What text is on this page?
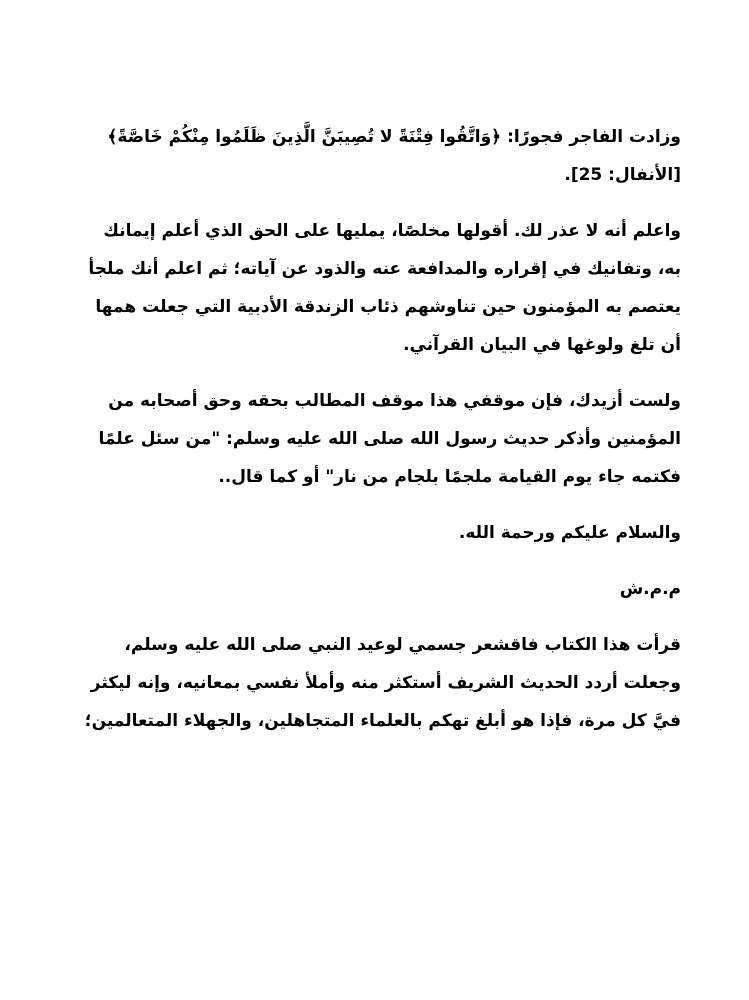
وزادت الفاجر فجورًا: ﴿وَاتَّقُوا فِتْنَةً لا تُصِيبَنَّ الَّذِينَ ظَلَمُوا مِنْكُمْ خَاصَّةً﴾
[الأنفال: 25].

واعلم أنه لا عذر لك. أقولها مخلصًا، يمليها على الحق الذي أعلم إيمانك
به، وتفانيك في إقراره والمدافعة عنه والذود عن آياته؛ ثم اعلم أنك ملجأ
يعتصم به المؤمنون حين تناوشهم ذئاب الزندقة الأدبية التي جعلت همها
أن تلغ ولوغها في البيان القرآني.

ولست أزيدك، فإن موقفي هذا موقف المطالب بحقه وحق أصحابه من
المؤمنين وأذكر حديث رسول الله صلى الله عليه وسلم: "من سئل علمًا
فكتمه جاء يوم القيامة ملجمًا بلجام من نار" أو كما قال..

والسلام عليكم ورحمة الله.

م.م.ش

قرأت هذا الكتاب فاقشعر جسمي لوعيد النبي صلى الله عليه وسلم،
وجعلت أردد الحديث الشريف أستكثر منه وأملأ نفسي بمعانيه، وإنه ليكثر
فيَّ كل مرة، فإذا هو أبلغ تهكم بالعلماء المتجاهلين، والجهلاء المتعالمين؛
